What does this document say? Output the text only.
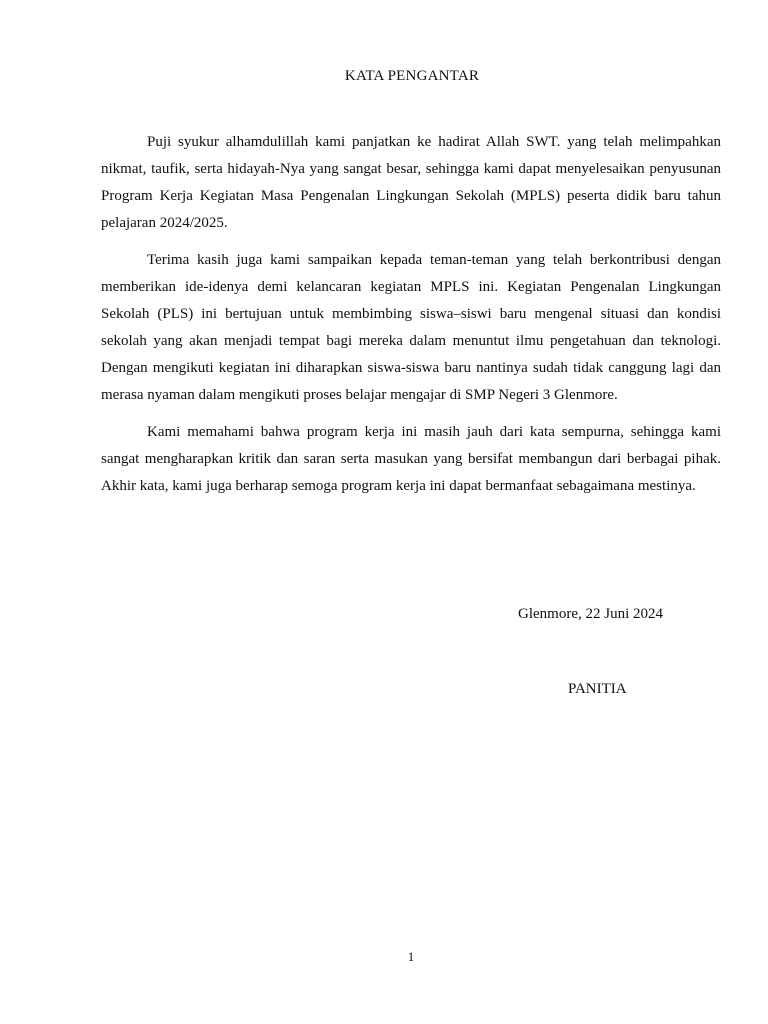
KATA PENGANTAR

Puji syukur alhamdulillah kami panjatkan ke hadirat Allah SWT. yang telah melimpahkan nikmat, taufik, serta hidayah-Nya yang sangat besar, sehingga kami dapat menyelesaikan penyusunan Program Kerja Kegiatan Masa Pengenalan Lingkungan Sekolah (MPLS) peserta didik baru tahun pelajaran 2024/2025.

Terima kasih juga kami sampaikan kepada teman-teman yang telah berkontribusi dengan memberikan ide-idenya demi kelancaran kegiatan MPLS ini. Kegiatan Pengenalan Lingkungan Sekolah (PLS) ini bertujuan untuk membimbing siswa–siswi baru mengenal situasi dan kondisi sekolah yang akan menjadi tempat bagi mereka dalam menuntut ilmu pengetahuan dan teknologi. Dengan mengikuti kegiatan ini diharapkan siswa-siswa baru nantinya sudah tidak canggung lagi dan merasa nyaman dalam mengikuti proses belajar mengajar di SMP Negeri 3 Glenmore.

Kami memahami bahwa program kerja ini masih jauh dari kata sempurna, sehingga kami sangat mengharapkan kritik dan saran serta masukan yang bersifat membangun dari berbagai pihak. Akhir kata, kami juga berharap semoga program kerja ini dapat bermanfaat sebagaimana mestinya.

Glenmore, 22 Juni 2024
PANITIA
1
